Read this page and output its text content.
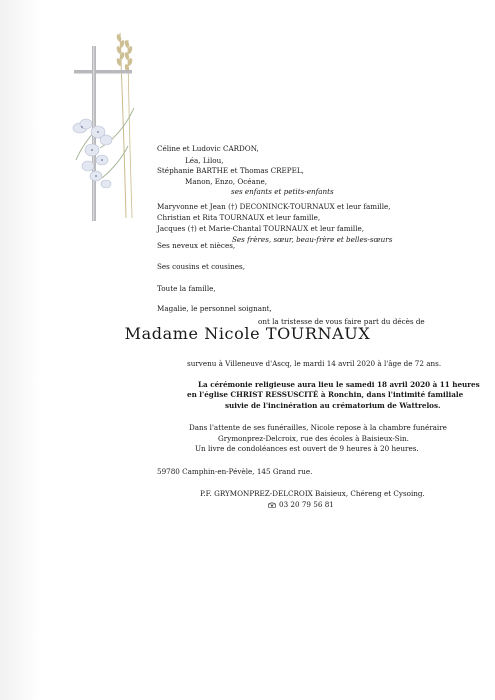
Céline et Ludovic CARDON,
Léa, Lilou,
Stéphanie BARTHE et Thomas CREPEL,
Manon, Enzo, Océane,
ses enfants et petits-enfants
Maryvonne et Jean (†) DECONINCK-TOURNAUX et leur famille,
Christian et Rita TOURNAUX et leur famille,
Jacques (†) et Marie-Chantal TOURNAUX et leur famille,
Ses frères, sœur, beau-frère et belles-sœurs
Ses neveux et nièces,
Ses cousins et cousines,
Toute la famille,
Magalie, le personnel soignant,
ont la tristesse de vous faire part du décès de
Madame Nicole TOURNAUX
survenu à Villeneuve d'Ascq, le mardi 14 avril 2020 à l'âge de 72 ans.
La cérémonie religieuse aura lieu le samedi 18 avril 2020 à 11 heures
en l'église CHRIST RESSUSCITÉ à Ronchin, dans l'intimité familiale
suivie de l'incinération au crématorium de Wattrelos.
Dans l'attente de ses funérailles, Nicole repose à la chambre funéraire
Grymonprez-Delcroix, rue des écoles à Baisieux-Sin.
Un livre de condoléances est ouvert de 9 heures à 20 heures.
59780 Camphin-en-Pévèle, 145 Grand rue.
P.F. GRYMONPREZ-DELCROIX Baisieux, Chéreng et Cysoing.
03 20 79 56 81
